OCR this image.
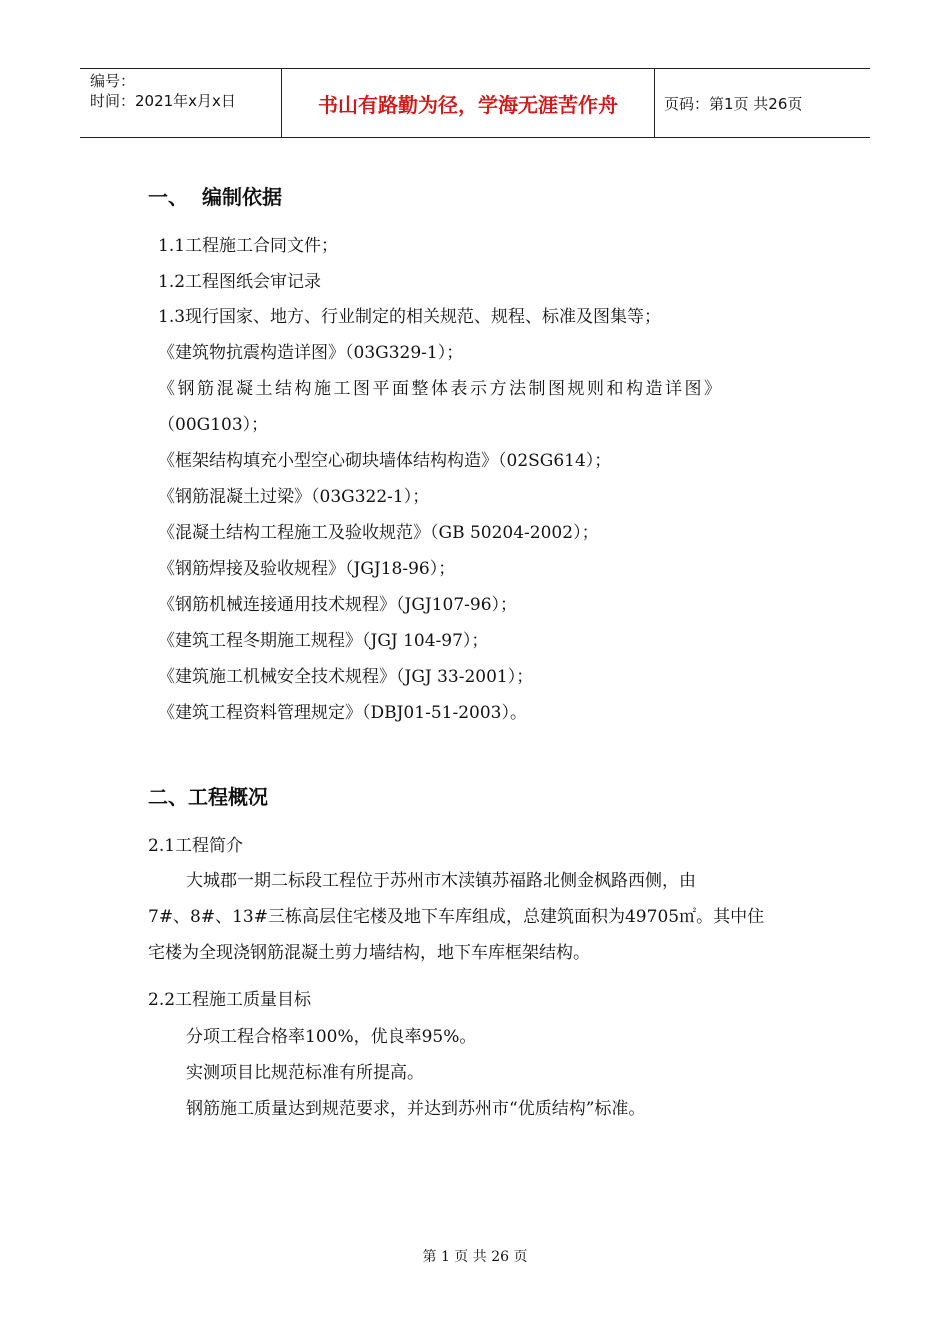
编号：
时间：2021年x月x日	书山有路勤为径，学海无涯苦作舟	页码：第1页 共26页
一、 编制依据
1.1工程施工合同文件；
1.2工程图纸会审记录
1.3现行国家、地方、行业制定的相关规范、规程、标准及图集等；
《建筑物抗震构造详图》（03G329-1）；
《钢筋混凝土结构施工图平面整体表示方法制图规则和构造详图》
（00G103）；
《框架结构填充小型空心砌块墙体结构构造》（02SG614）；
《钢筋混凝土过梁》（03G322-1）；
《混凝土结构工程施工及验收规范》（GB 50204-2002）；
《钢筋焊接及验收规程》（JGJ18-96）；
《钢筋机械连接通用技术规程》（JGJ107-96）；
《建筑工程冬期施工规程》（JGJ 104-97）；
《建筑施工机械安全技术规程》（JGJ 33-2001）；
《建筑工程资料管理规定》（DBJ01-51-2003）。
二、工程概况
2.1工程简介
大城郡一期二标段工程位于苏州市木渎镇苏福路北侧金枫路西侧，由
7#、8#、13#三栋高层住宅楼及地下车库组成，总建筑面积为49705㎡。其中住
宅楼为全现浇钢筋混凝土剪力墙结构，地下车库框架结构。
2.2工程施工质量目标
分项工程合格率100%，优良率95%。
实测项目比规范标准有所提高。
钢筋施工质量达到规范要求，并达到苏州市“优质结构”标准。
第 1 页 共 26 页
